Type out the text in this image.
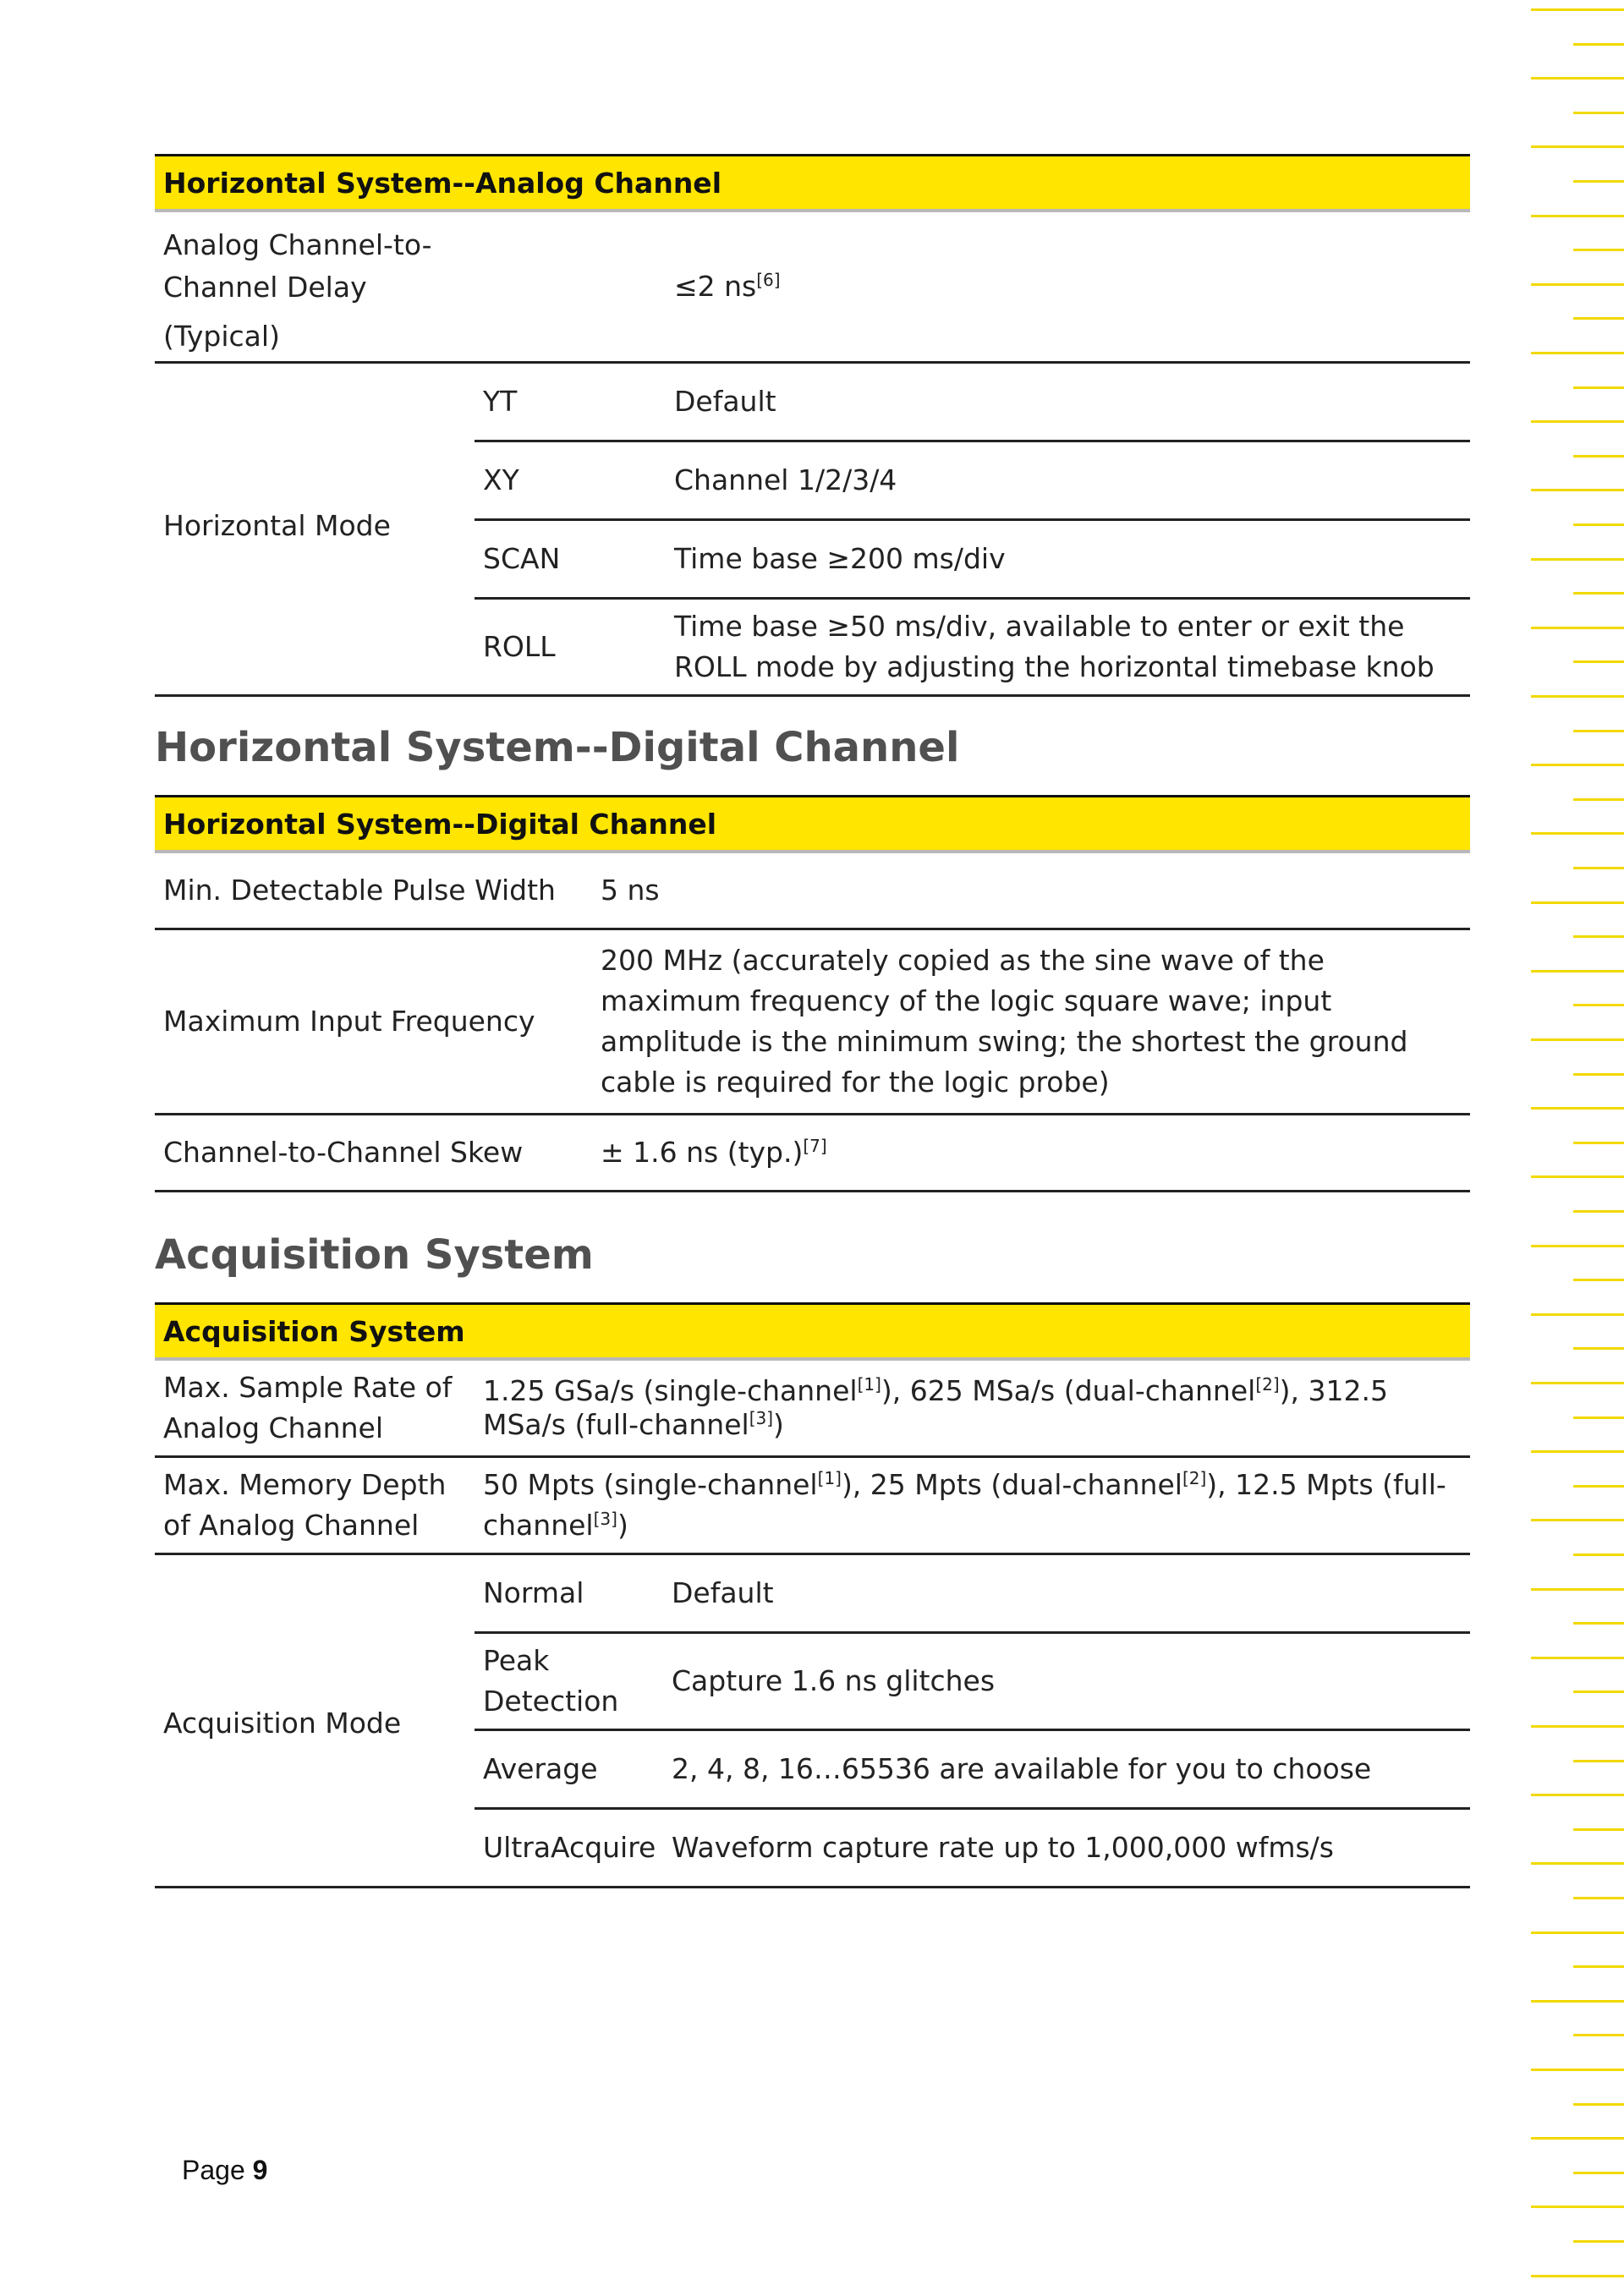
Horizontal System--Analog Channel		
Analog Channel-to-
Channel Delay
(Typical)		≤2 ns[6]
Horizontal Mode	YT	Default
	XY	Channel 1/2/3/4
	SCAN	Time base ≥200 ms/div
	ROLL	Time base ≥50 ms/div, available to enter or exit the ROLL mode by adjusting the horizontal timebase knob
Horizontal System--Digital Channel
Horizontal System--Digital Channel	
Min. Detectable Pulse Width	5 ns
Maximum Input Frequency	200 MHz (accurately copied as the sine wave of the maximum frequency of the logic square wave; input amplitude is the minimum swing; the shortest the ground cable is required for the logic probe)
Channel-to-Channel Skew	± 1.6 ns (typ.)[7]
Acquisition System
Acquisition System		
Max. Sample Rate of
Analog Channel	1.25 GSa/s (single-channel[1]), 625 MSa/s (dual-channel[2]), 312.5 MSa/s (full-channel[3])	
Max. Memory Depth
of Analog Channel	50 Mpts (single-channel[1]), 25 Mpts (dual-channel[2]), 12.5 Mpts (full-channel[3])	
Acquisition Mode	Normal	Default
	Peak
Detection	Capture 1.6 ns glitches
	Average	2, 4, 8, 16…65536 are available for you to choose
	UltraAcquire	Waveform capture rate up to 1,000,000 wfms/s
Page 9
